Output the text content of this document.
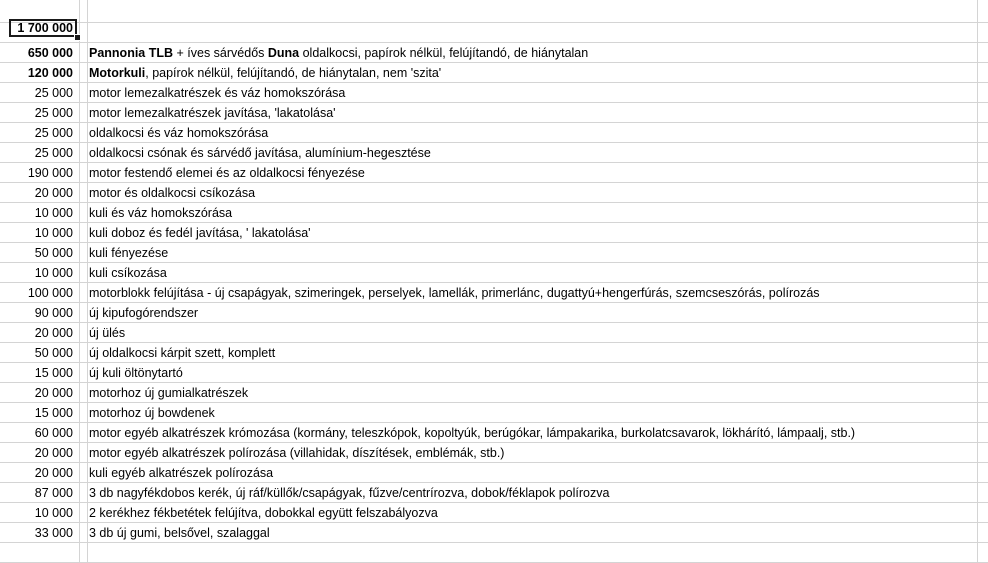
1 700 000
650 000 Pannonia TLB + íves sárvédős Duna oldalkocsi, papírok nélkül, felújítandó, de hiánytalan
120 000 Motorkuli, papírok nélkül, felújítandó, de hiánytalan, nem 'szita'
25 000 motor lemezalkatrészek és váz homokszórása
25 000 motor lemezalkatrészek javítása, 'lakatolása'
25 000 oldalkocsi és váz homokszórása
25 000 oldalkocsi csónak és sárvédő javítása, alumínium-hegesztése
190 000 motor festendő elemei és az oldalkocsi fényezése
20 000 motor és oldalkocsi csíkozása
10 000 kuli és váz homokszórása
10 000 kuli doboz és fedél javítása, ' lakatolása'
50 000 kuli fényezése
10 000 kuli csíkozása
100 000 motorblokk felújítása - új csapágyak, szimeringek, perselyek, lamellák, primerlánc, dugattyú+hengerfúrás, szemcseszórás, polírozás
90 000 új kipufogórendszer
20 000 új ülés
50 000 új oldalkocsi kárpit szett, komplett
15 000 új kuli öltönytartó
20 000 motorhoz új gumialkatrészek
15 000 motorhoz új bowdenek
60 000 motor egyéb alkatrészek krómozása (kormány, teleszkópok, kopoltyúk, berúgókar, lámpakarika, burkolatcsavarok, lökhárító, lámpaalj, stb.)
20 000 motor egyéb alkatrészek polírozása (villahidak, díszítések, emblémák, stb.)
20 000 kuli egyéb alkatrészek polírozása
87 000 3 db nagyfékdobos kerék, új ráf/küllők/csapágyak, fűzve/centrírozva, dobok/féklapok polírozva
10 000 2 kerékhez fékbetétek felújítva, dobokkal együtt felszabályozva
33 000 3 db új gumi, belsővel, szalaggal
